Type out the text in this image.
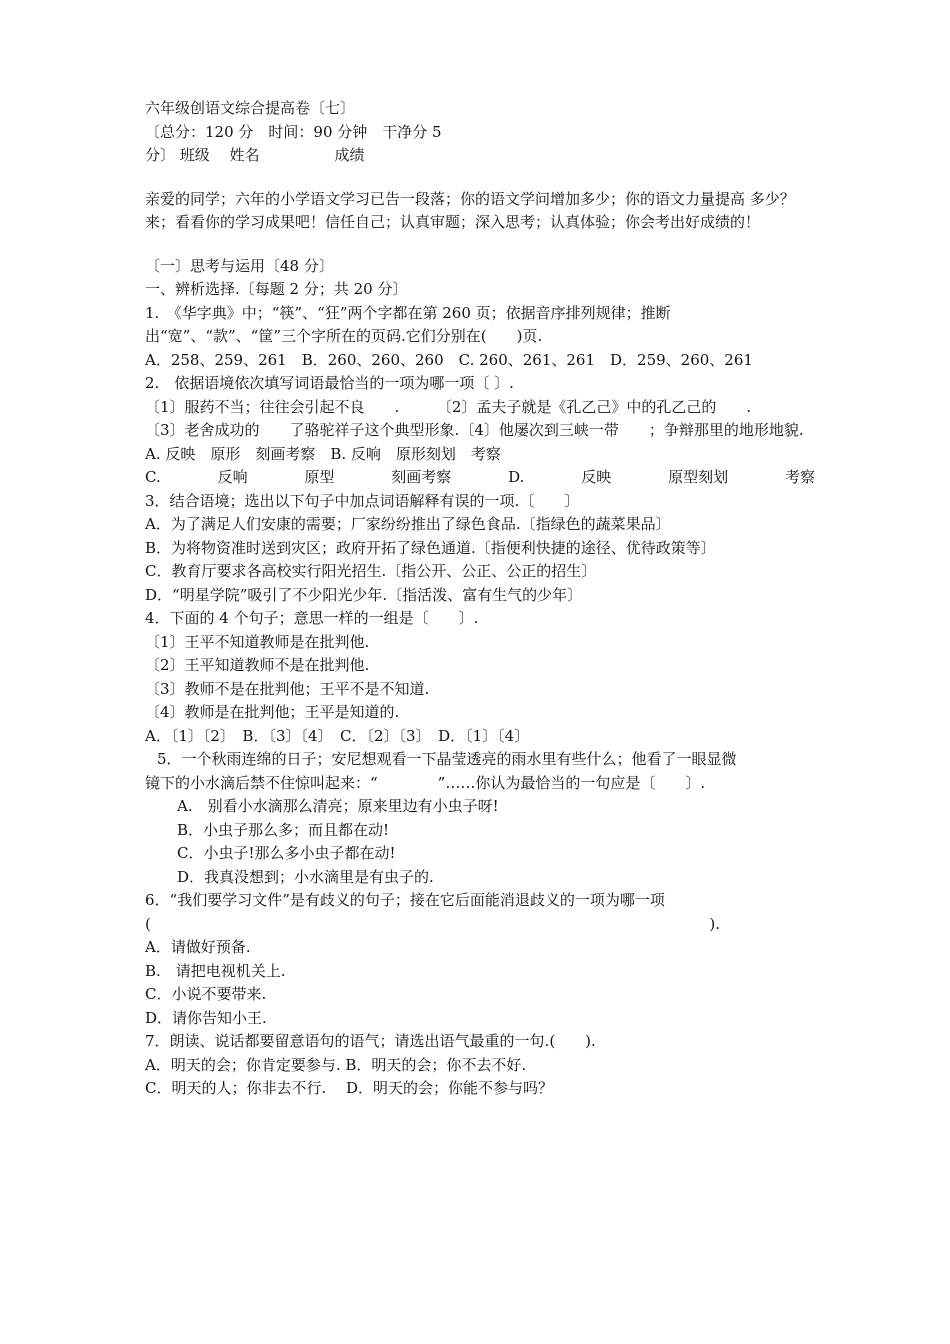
六年级创语文综合提高卷〔七〕
〔总分：120 分　时间：90 分钟　干净分 5
分〕 班级　 姓名　　　　　成绩
亲爱的同学；六年的小学语文学习已告一段落；你的语文学问增加多少；你的语文力量提高 多少？来；看看你的学习成果吧！信任自己；认真审题；深入思考；认真体验；你会考出好成绩的！
〔一〕思考与运用〔48 分〕
一、辨析选择.〔每题 2 分；共 20 分〕
1.　《华字典》中；“筷”、“狂”两个字都在第 260 页；依据音序排列规律；推断出“宽”、“款”、“筐”三个字所在的页码.它们分别在(　　)页.
A．258、259、261　B．260、260、260　C. 260、261、261　D．259、260、261
2.　依据语境依次填写词语最恰当的一项为哪一项〔 〕.
〔1〕服药不当；往往会引起不良　　.　　　〔2〕孟夫子就是《孔乙己》中的孔乙己的　　.
〔3〕老舍成功的　　了骆驼祥子这个典型形象.〔4〕他屡次到三峡一带　　；争辩那里的地形地貌.
A. 反映　原形　刻画考察　B. 反响　原形刻划　考察
C.	反响	原型	刻画考察	D.	反映	原型刻划	考察
3．结合语境；选出以下句子中加点词语解释有误的一项.〔　　〕
A．为了满足人们安康的需要；厂家纷纷推出了绿色食品.〔指绿色的蔬菜果品〕
B．为将物资准时送到灾区；政府开拓了绿色通道.〔指便利快捷的途径、优待政策等〕
C．教育厅要求各高校实行阳光招生.〔指公开、公正、公正的招生〕
D．“明星学院”吸引了不少阳光少年.〔指活泼、富有生气的少年〕
4．下面的 4 个句子；意思一样的一组是〔　　〕.
〔1〕王平不知道教师是在批判他.
〔2〕王平知道教师不是在批判他.
〔3〕教师不是在批判他；王平不是不知道.
〔4〕教师是在批判他；王平是知道的.
A．〔1〕〔2〕　B．〔3〕〔4〕　C．〔2〕〔3〕　D．〔1〕〔4〕
5．一个秋雨连绵的日子；安尼想观看一下晶莹透亮的雨水里有些什么；他看了一眼显微
镜下的小水滴后禁不住惊叫起来：“　　　　”……你认为最恰当的一句应是〔　　〕.
A.　别看小水滴那么清亮；原来里边有小虫子呀!
B．小虫子那么多；而且都在动!
C．小虫子!那么多小虫子都在动!
D．我真没想到；小水滴里是有虫子的.
6．“我们要学习文件”是有歧义的句子；接在它后面能消退歧义的一项为哪一项
(	).
A．请做好预备.
B.　请把电视机关上.
C．小说不要带来.
D．请你告知小王.
7．朗读、说话都要留意语句的语气；请选出语气最重的一句.(　　).
A．明天的会；你肯定要参与. B．明天的会；你不去不好.
C．明天的人；你非去不行.　 D．明天的会；你能不参与吗？
